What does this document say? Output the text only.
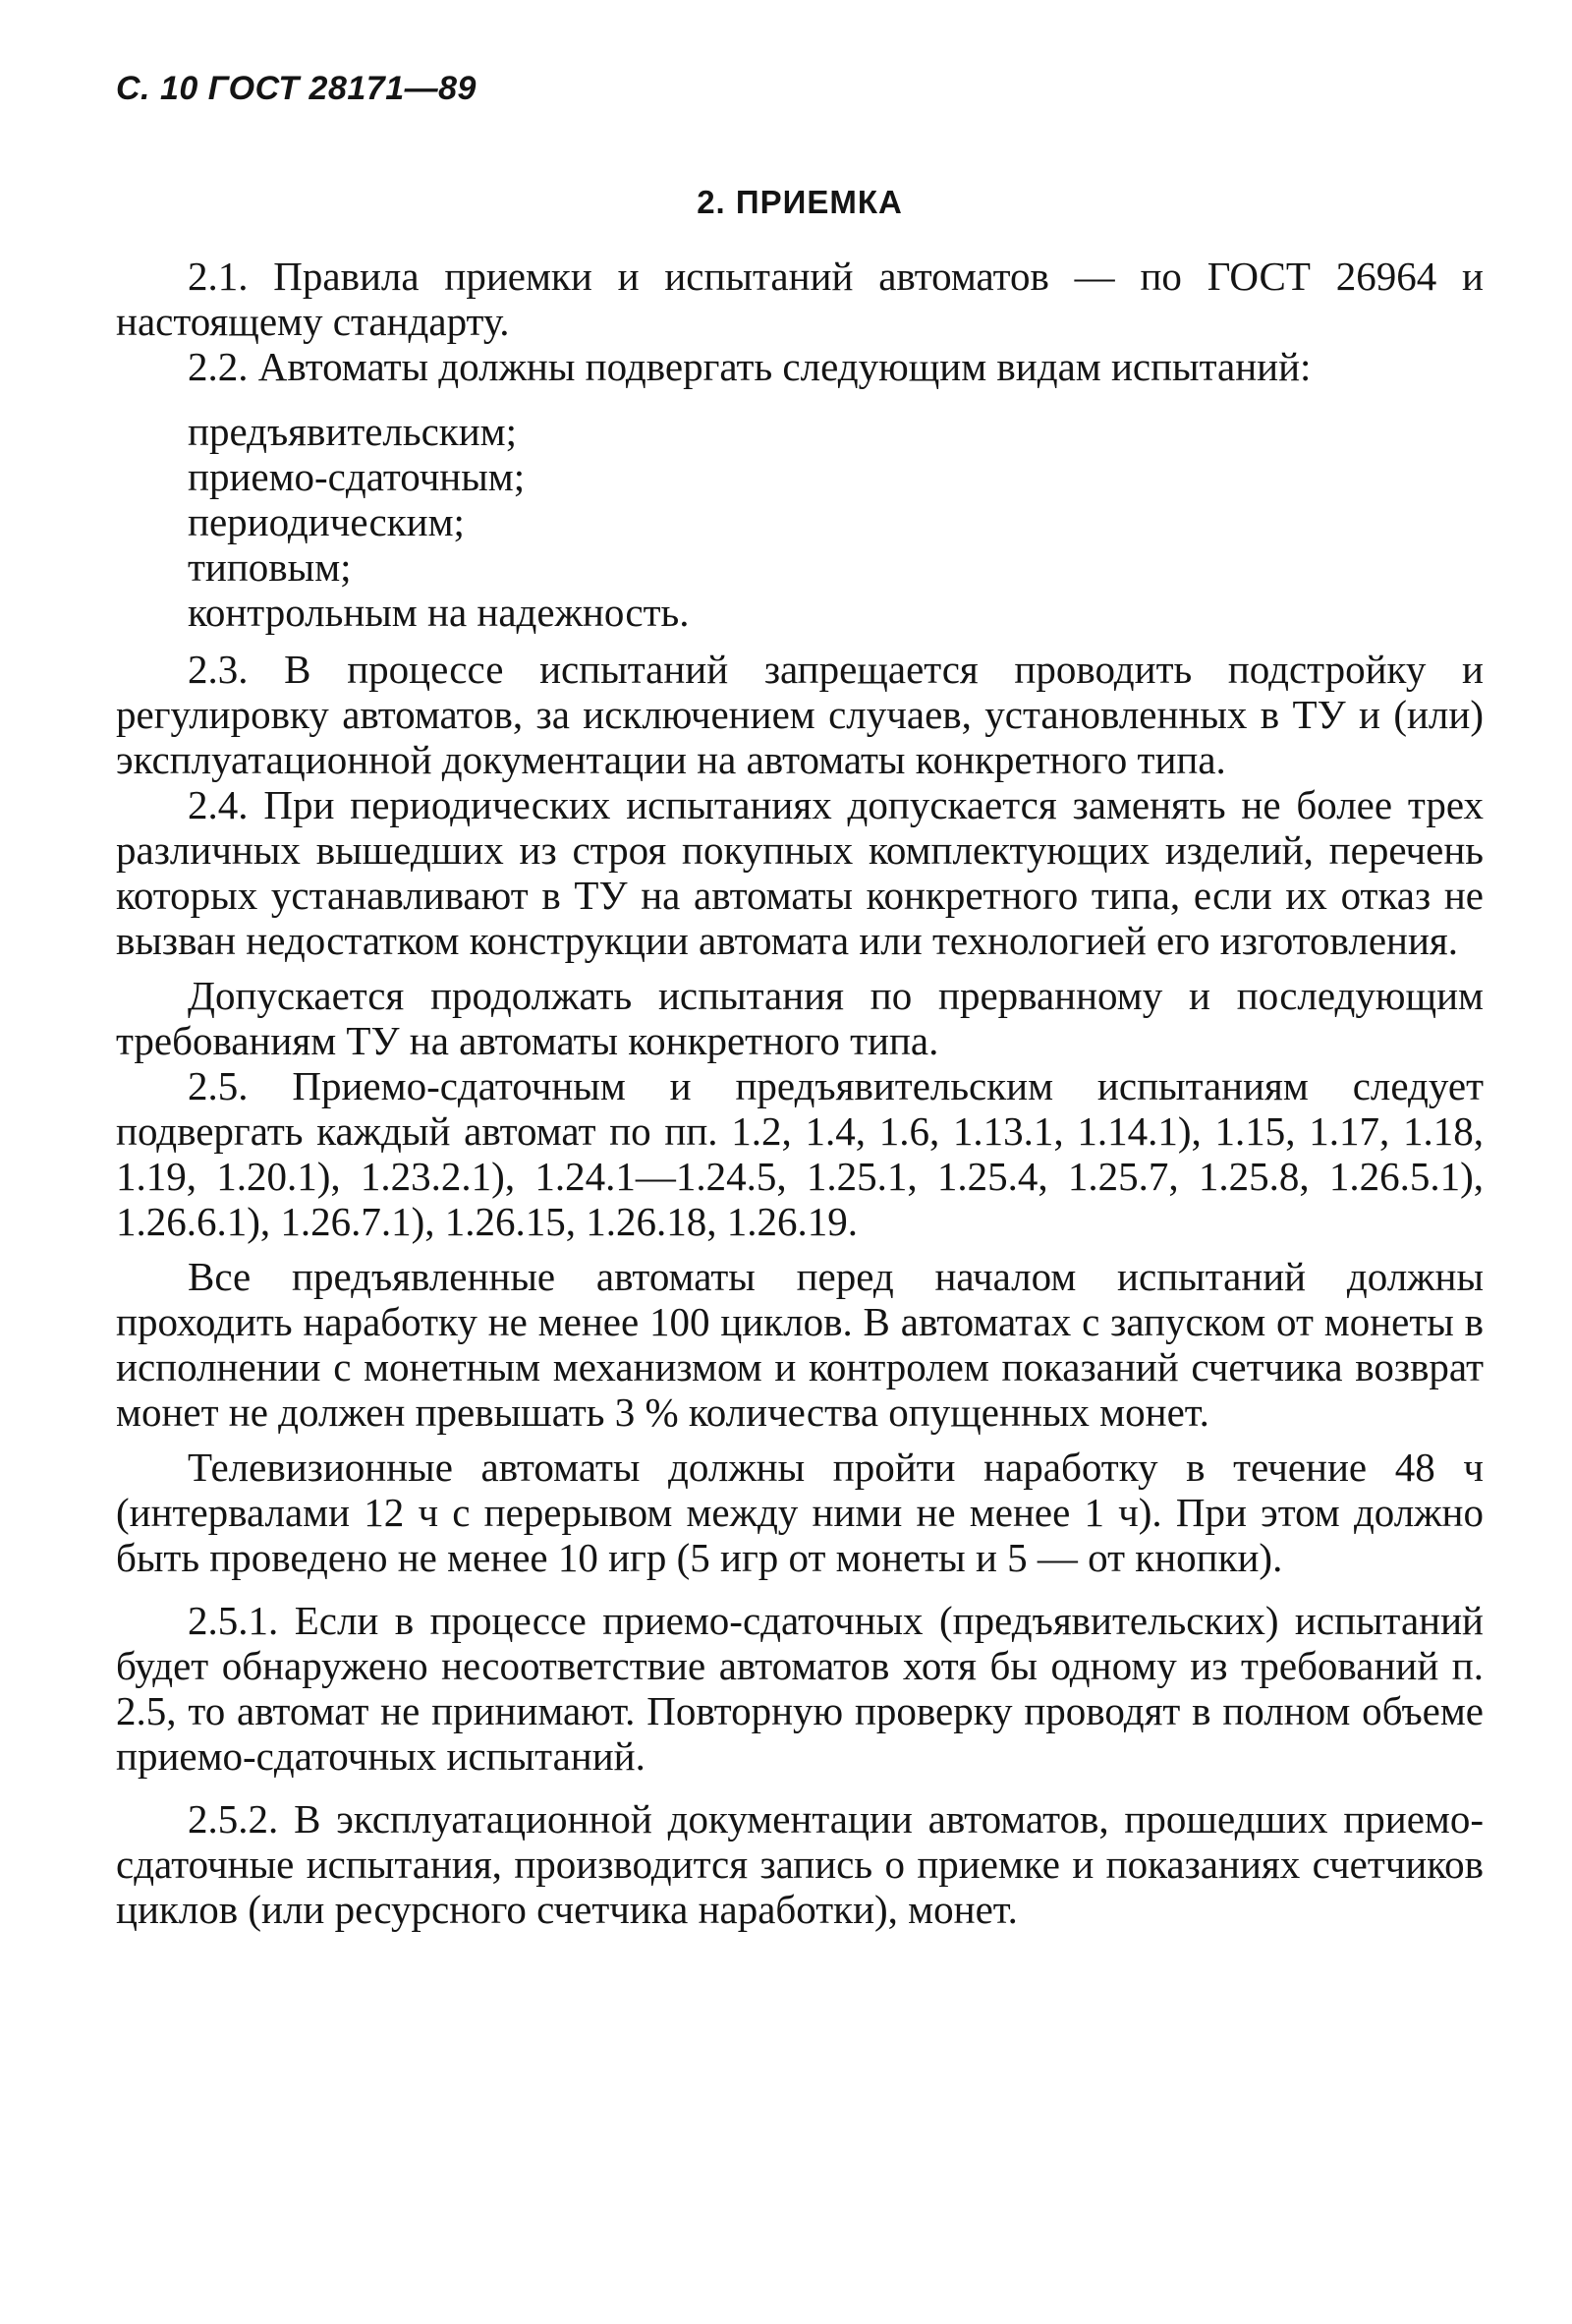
С. 10 ГОСТ 28171—89

2. ПРИЕМКА

2.1. Правила приемки и испытаний автоматов — по ГОСТ 26964 и настоящему стандарту.

2.2. Автоматы должны подвергать следующим видам испытаний:

предъявительским;
приемо-сдаточным;
периодическим;
типовым;
контрольным на надежность.

2.3. В процессе испытаний запрещается проводить подстройку и регулировку автоматов, за исключением случаев, установленных в ТУ и (или) эксплуатационной документации на автоматы конкретного типа.

2.4. При периодических испытаниях допускается заменять не более трех различных вышедших из строя покупных комплектующих изделий, перечень которых устанавливают в ТУ на автоматы конкретного типа, если их отказ не вызван недостатком конструкции автомата или технологией его изготовления.

Допускается продолжать испытания по прерванному и последующим требованиям ТУ на автоматы конкретного типа.

2.5. Приемо-сдаточным и предъявительским испытаниям следует подвергать каждый автомат по пп. 1.2, 1.4, 1.6, 1.13.1, 1.14.1), 1.15, 1.17, 1.18, 1.19, 1.20.1), 1.23.2.1), 1.24.1—1.24.5, 1.25.1, 1.25.4, 1.25.7, 1.25.8, 1.26.5.1), 1.26.6.1), 1.26.7.1), 1.26.15, 1.26.18, 1.26.19.

Все предъявленные автоматы перед началом испытаний должны проходить наработку не менее 100 циклов. В автоматах с запуском от монеты в исполнении с монетным механизмом и контролем показаний счетчика возврат монет не должен превышать 3 % количества опущенных монет.

Телевизионные автоматы должны пройти наработку в течение 48 ч (интервалами 12 ч с перерывом между ними не менее 1 ч). При этом должно быть проведено не менее 10 игр (5 игр от монеты и 5 — от кнопки).

2.5.1. Если в процессе приемо-сдаточных (предъявительских) испытаний будет обнаружено несоответствие автоматов хотя бы одному из требований п. 2.5, то автомат не принимают. Повторную проверку проводят в полном объеме приемо-сдаточных испытаний.

2.5.2. В эксплуатационной документации автоматов, прошедших приемо-сдаточные испытания, производится запись о приемке и показаниях счетчиков циклов (или ресурсного счетчика наработки), монет.
